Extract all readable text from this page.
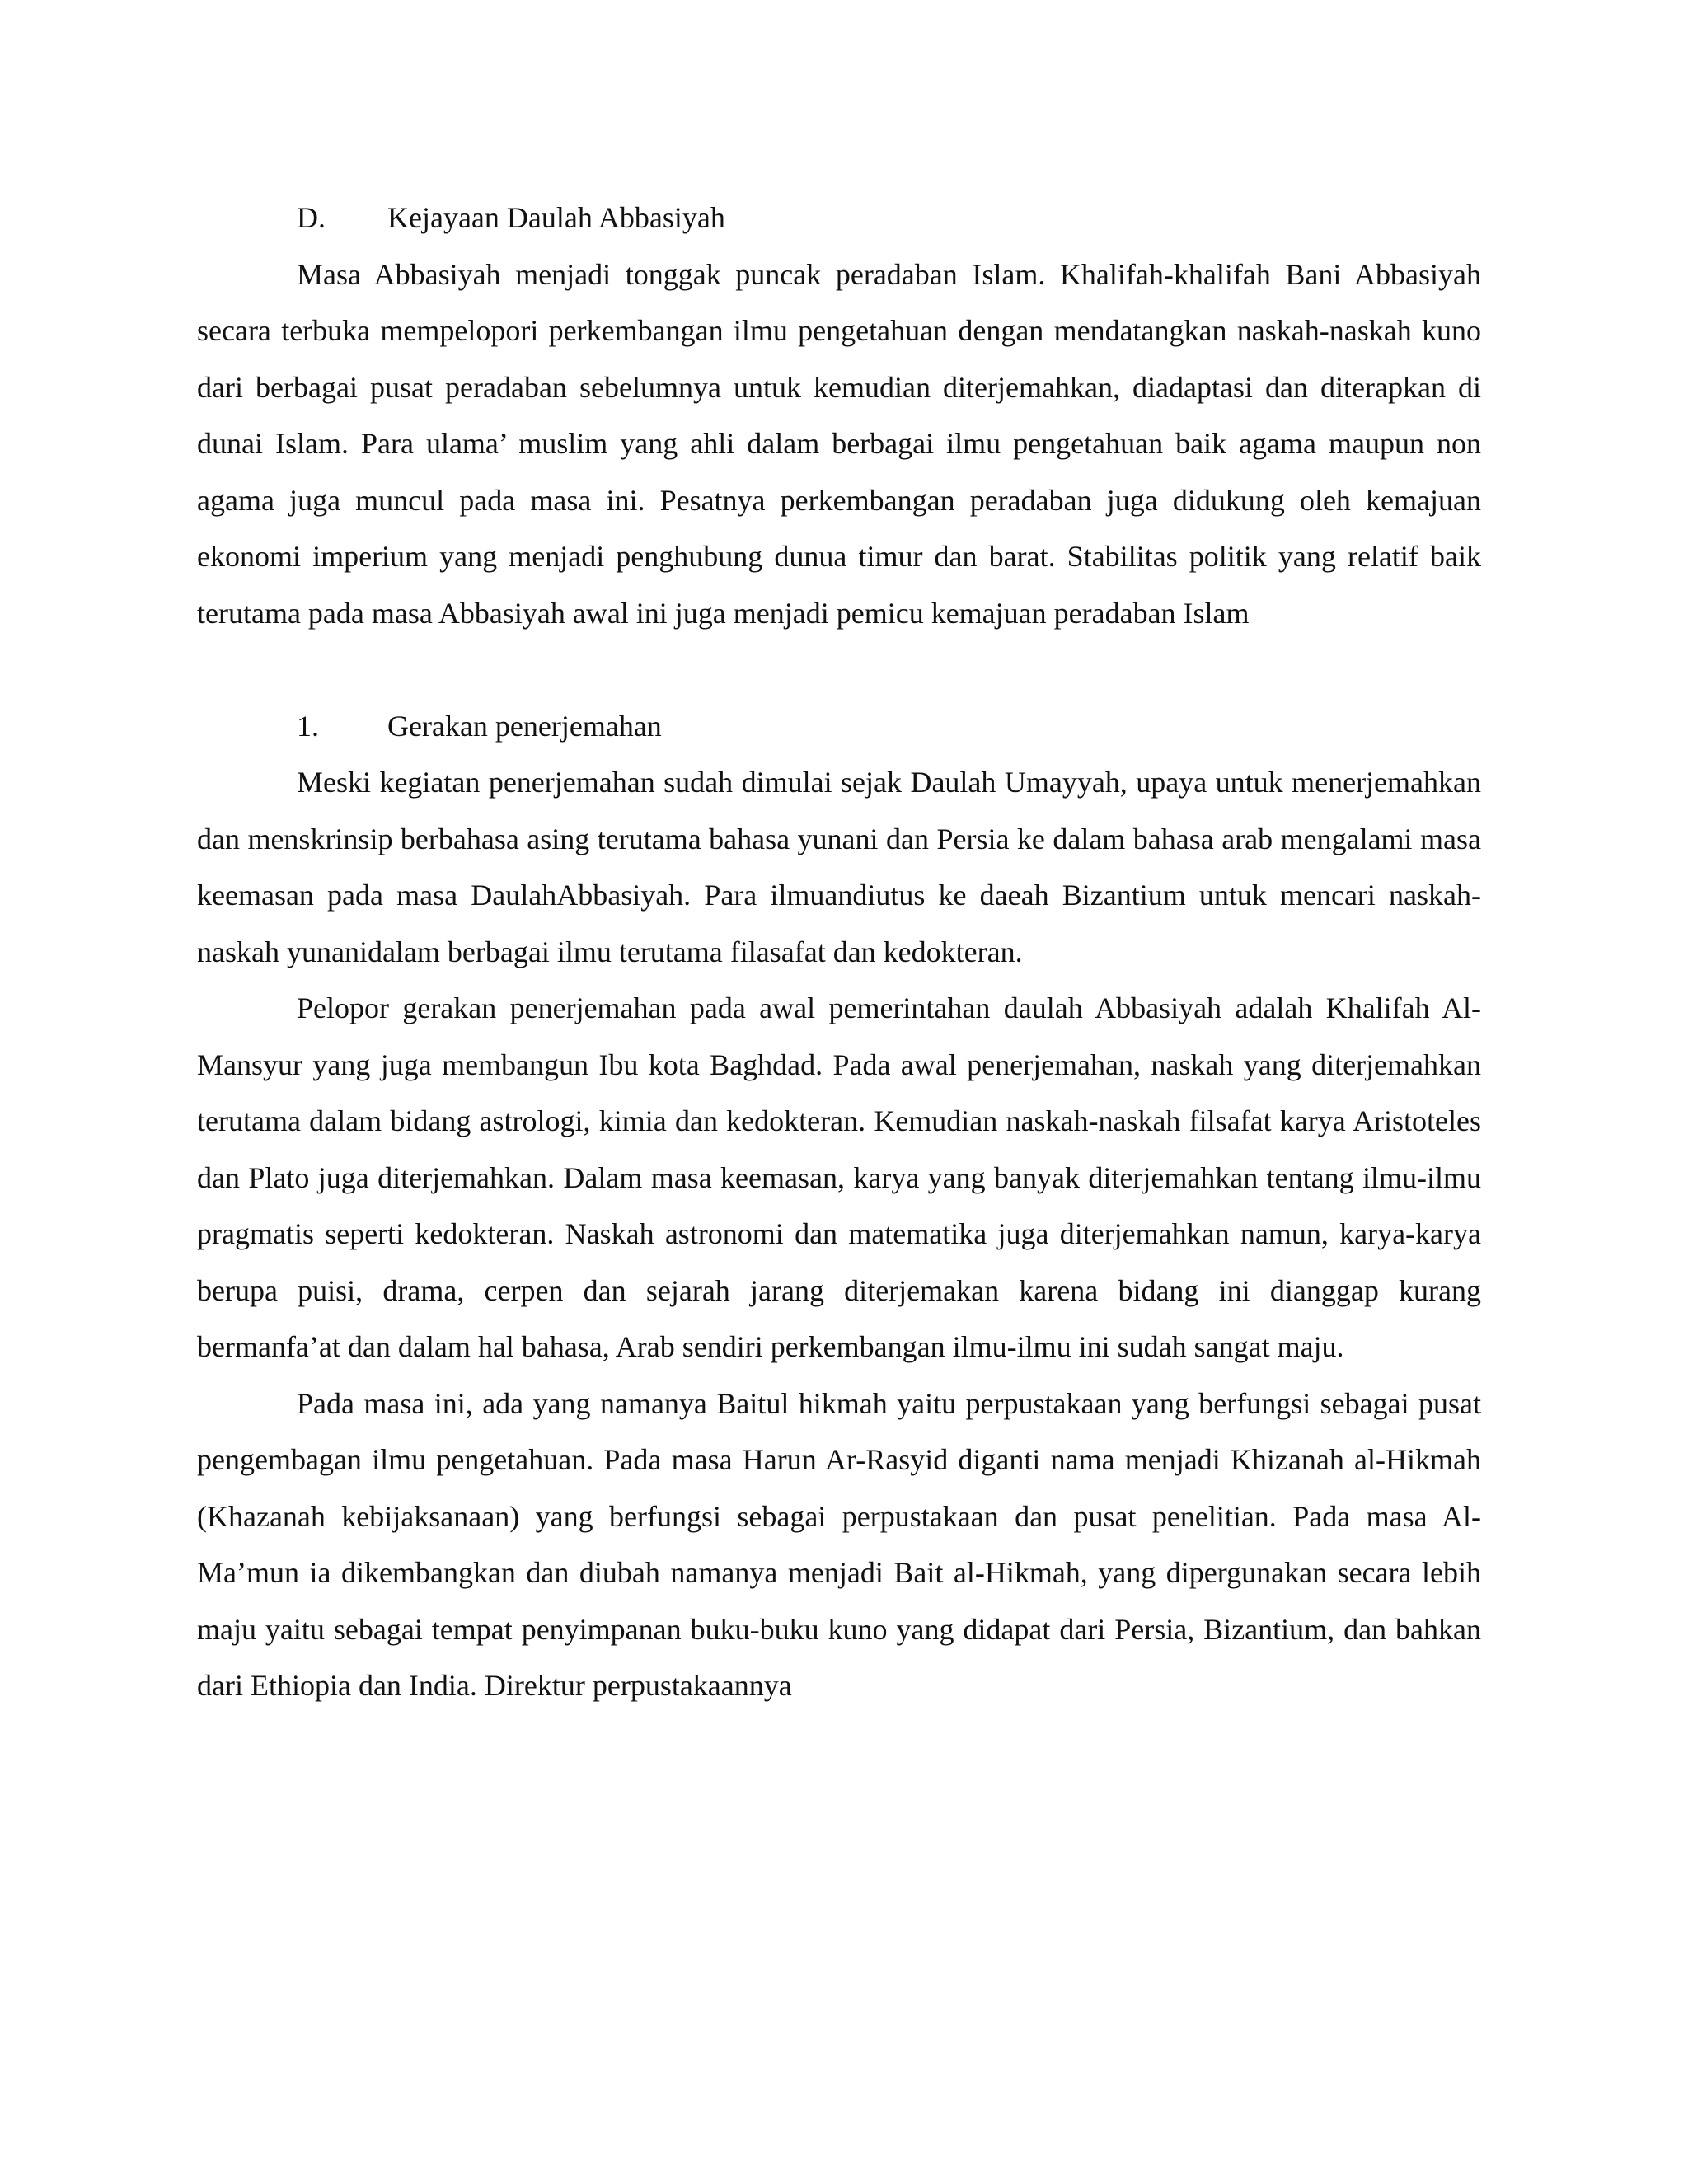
D. Kejayaan Daulah Abbasiyah

Masa Abbasiyah menjadi tonggak puncak peradaban Islam. Khalifah-khalifah Bani Abbasiyah secara terbuka mempelopori perkembangan ilmu pengetahuan dengan mendatangkan naskah-naskah kuno dari berbagai pusat peradaban sebelumnya untuk kemudian diterjemahkan, diadaptasi dan diterapkan di dunai Islam. Para ulama’ muslim yang ahli dalam berbagai ilmu pengetahuan baik agama maupun non agama juga muncul pada masa ini. Pesatnya perkembangan peradaban juga didukung oleh kemajuan ekonomi imperium yang menjadi penghubung dunua timur dan barat. Stabilitas politik yang relatif baik terutama pada masa Abbasiyah awal ini juga menjadi pemicu kemajuan peradaban Islam

1. Gerakan penerjemahan

Meski kegiatan penerjemahan sudah dimulai sejak Daulah Umayyah, upaya untuk menerjemahkan dan menskrinsip berbahasa asing terutama bahasa yunani dan Persia ke dalam bahasa arab mengalami masa keemasan pada masa DaulahAbbasiyah. Para ilmuandiutus ke daeah Bizantium untuk mencari naskah-naskah yunanidalam berbagai ilmu terutama filasafat dan kedokteran.

Pelopor gerakan penerjemahan pada awal pemerintahan daulah Abbasiyah adalah Khalifah Al-Mansyur yang juga membangun Ibu kota Baghdad. Pada awal penerjemahan, naskah yang diterjemahkan terutama dalam bidang astrologi, kimia dan kedokteran. Kemudian naskah-naskah filsafat karya Aristoteles dan Plato juga diterjemahkan. Dalam masa keemasan, karya yang banyak diterjemahkan tentang ilmu-ilmu pragmatis seperti kedokteran. Naskah astronomi dan matematika juga diterjemahkan namun, karya-karya berupa puisi, drama, cerpen dan sejarah jarang diterjemakan karena bidang ini dianggap kurang bermanfa’at dan dalam hal bahasa, Arab sendiri perkembangan ilmu-ilmu ini sudah sangat maju.

Pada masa ini, ada yang namanya Baitul hikmah yaitu perpustakaan yang berfungsi sebagai pusat pengembagan ilmu pengetahuan. Pada masa Harun Ar-Rasyid diganti nama menjadi Khizanah al-Hikmah (Khazanah kebijaksanaan) yang berfungsi sebagai perpustakaan dan pusat penelitian. Pada masa Al-Ma’mun ia dikembangkan dan diubah namanya menjadi Bait al-Hikmah, yang dipergunakan secara lebih maju yaitu sebagai tempat penyimpanan buku-buku kuno yang didapat dari Persia, Bizantium, dan bahkan dari Ethiopia dan India. Direktur perpustakaannya
